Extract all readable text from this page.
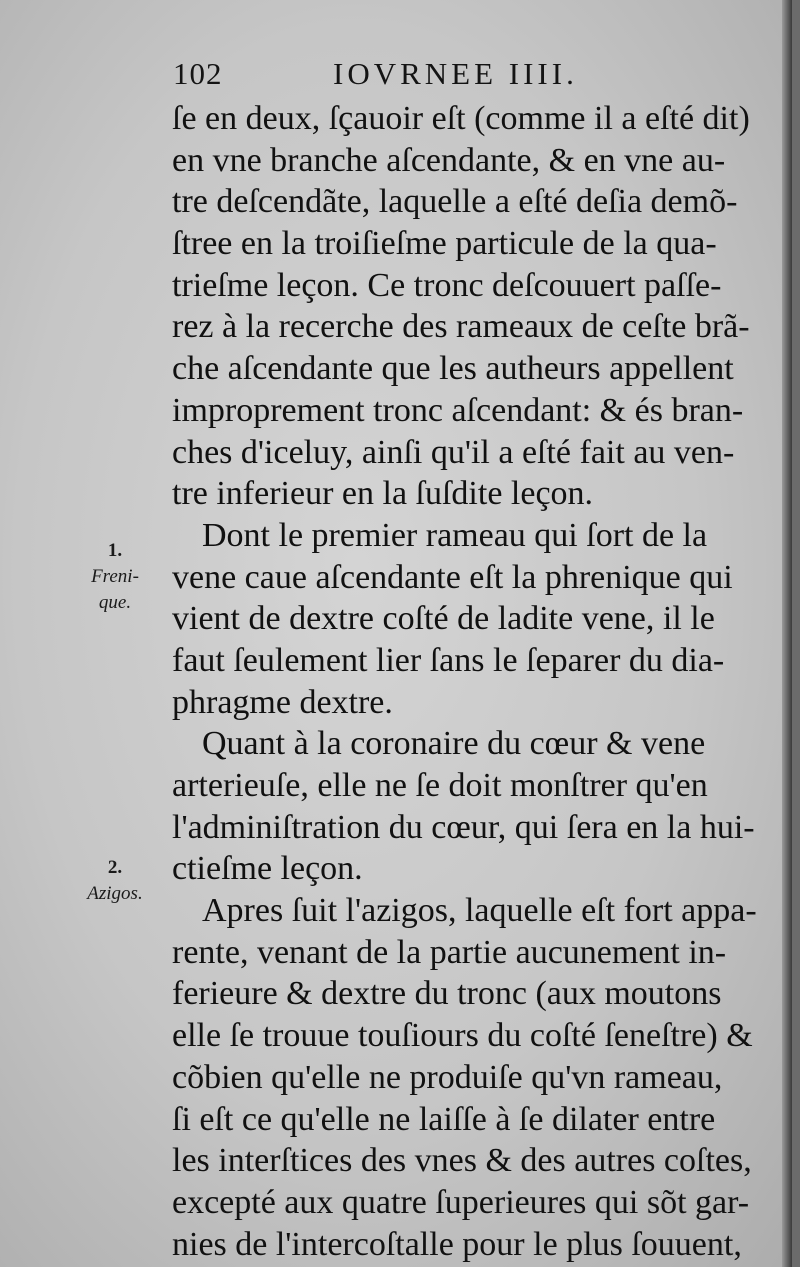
102	IOVRNEE IIII.
1.
Freni-
que.
2.
Azigos.
ſe en deux, ſçauoir eſt (comme il a eſté dit)
en vne branche aſcendante, & en vne au-
tre deſcendãte, laquelle a eſté deſia demõ-
ſtree en la troiſieſme particule de la qua-
trieſme leçon. Ce tronc deſcouuert paſſe-
rez à la recerche des rameaux de ceſte brã-
che aſcendante que les autheurs appellent
improprement tronc aſcendant: & és bran-
ches d'iceluy, ainſi qu'il a eſté fait au ven-
tre inferieur en la ſuſdite leçon.
Dont le premier rameau qui ſort de la
vene caue aſcendante eſt la phrenique qui
vient de dextre coſté de ladite vene, il le
faut ſeulement lier ſans le ſeparer du dia-
phragme dextre.
Quant à la coronaire du cœur & vene
arterieuſe, elle ne ſe doit monſtrer qu'en
l'adminiſtration du cœur, qui ſera en la hui-
ctieſme leçon.
Apres ſuit l'azigos, laquelle eſt fort appa-
rente, venant de la partie aucunement in-
ferieure & dextre du tronc (aux moutons
elle ſe trouue touſiours du coſté ſeneſtre) &
cõbien qu'elle ne produiſe qu'vn rameau,
ſi eſt ce qu'elle ne laiſſe à ſe dilater entre
les interſtices des vnes & des autres coſtes,
excepté aux quatre ſuperieures qui sõt gar-
nies de l'intercoſtalle pour le plus ſouuent,
